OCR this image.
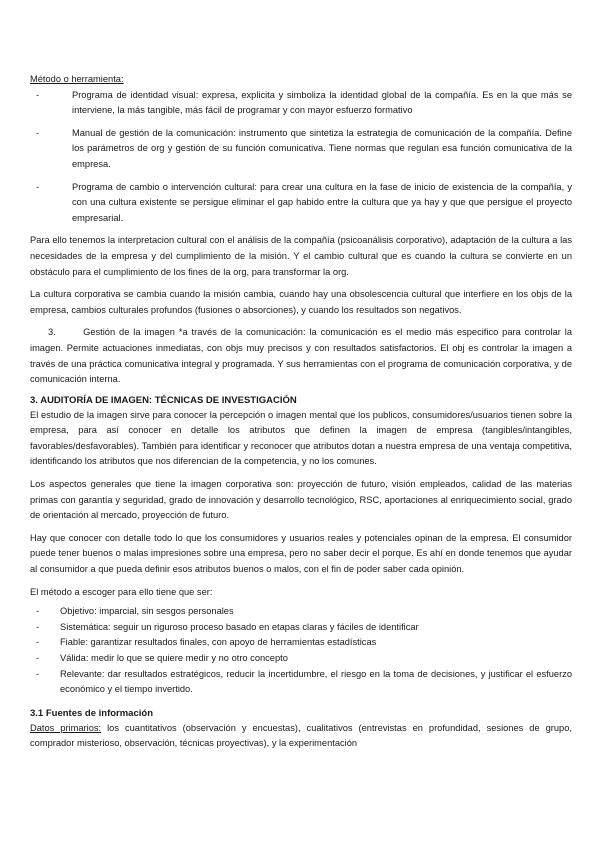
Método o herramienta:

-	Programa de identidad visual: expresa, explicita y simboliza la identidad global de la compañía. Es en la que más se interviene, la más tangible, más fácil de programar y con mayor esfuerzo formativo
-	Manual de gestión de la comunicación: instrumento que sintetiza la estrategia de comunicación de la compañía. Define los parámetros de org y gestión de su función comunicativa. Tiene normas que regulan esa función comunicativa de la empresa.
-	Programa de cambio o intervención cultural: para crear una cultura en la fase de inicio de existencia de la compañía, y con una cultura existente se persigue eliminar el gap habido entre la cultura que ya hay y que que persigue el proyecto empresarial.

Para ello tenemos la interpretacion cultural con el análisis de la compañía (psicoanálisis corporativo), adaptación de la cultura a las necesidades de la empresa y del cumplimiento de la misión. Y el cambio cultural que es cuando la cultura se convierte en un obstáculo para el cumplimiento de los fines de la org, para transformar la org.

La cultura corporativa se cambia cuando la misión cambia, cuando hay una obsolescencia cultural que interfiere en los objs de la empresa, cambios culturales profundos (fusiones o absorciones), y cuando los resultados son negativos.

3.	Gestión de la imagen *a través de la comunicación: la comunicación es el medio más especifico para controlar la imagen. Permite actuaciones inmediatas, con objs muy precisos y con resultados satisfactorios. El obj es controlar la imagen a través de una práctica comunicativa integral y programada. Y sus herramientas con el programa de comunicación corporativa, y de comunicación interna.

3. AUDITORÍA DE IMAGEN: TÉCNICAS DE INVESTIGACIÓN

El estudio de la imagen sirve para conocer la percepción o imagen mental que los publicos, consumidores/usuarios tienen sobre la empresa, para así conocer en detalle los atributos que definen la imagen de empresa (tangibles/intangibles, favorables/desfavorables). También para identificar y reconocer que atributos dotan a nuestra empresa de una ventaja competitiva, identificando los atributos que nos diferencian de la competencia, y no los comunes.

Los aspectos generales que tiene la imagen corporativa son: proyección de futuro, visión empleados, calidad de las materias primas con garantía y seguridad, grado de innovación y desarrollo tecnológico, RSC, aportaciones al enriquecimiento social, grado de orientación al mercado, proyección de futuro.

Hay que conocer con detalle todo lo que los consumidores y usuarios reales y potenciales opinan de la empresa. El consumidor puede tener buenos o malas impresiones sobre una empresa, pero no saber decir el porque. Es ahí en donde tenemos que ayudar al consumidor a que pueda definir esos atributos buenos o malos, con el fin de poder saber cada opinión.

El método a escoger para ello tiene que ser:

- Objetivo: imparcial, sin sesgos personales
- Sistemática: seguir un riguroso proceso basado en etapas claras y fáciles de identificar
- Fiable: garantizar resultados finales, con apoyo de herramientas estadísticas
- Válida: medir lo que se quiere medir y no otro concepto
- Relevante: dar resultados estratégicos, reducir la incertidumbre, el riesgo en la toma de decisiones, y justificar el esfuerzo económico y el tiempo invertido.
3.1 Fuentes de información

Datos primarios: los cuantitativos (observación y encuestas), cualitativos (entrevistas en profundidad, sesiones de grupo, comprador misterioso, observación, técnicas proyectivas), y la experimentación
